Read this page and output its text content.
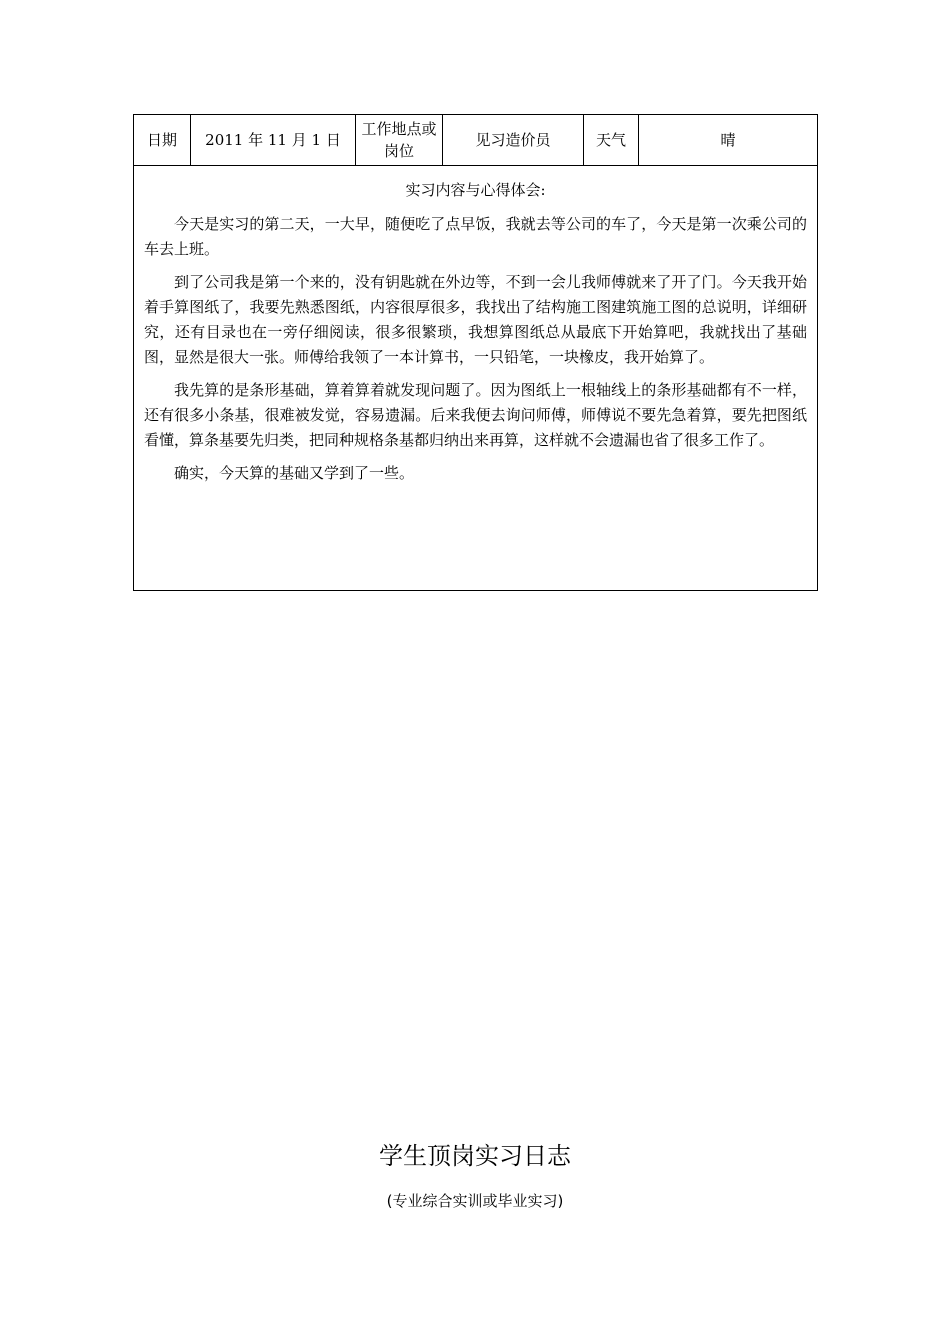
日期	2011 年 11 月 1 日	工作地点或岗位	见习造价员	天气	晴

实习内容与心得体会:

今天是实习的第二天，一大早，随便吃了点早饭，我就去等公司的车了，今天是第一次乘公司的车去上班。

到了公司我是第一个来的，没有钥匙就在外边等，不到一会儿我师傅就来了开了门。今天我开始着手算图纸了，我要先熟悉图纸，内容很厚很多，我找出了结构施工图建筑施工图的总说明，详细研究，还有目录也在一旁仔细阅读，很多很繁琐，我想算图纸总从最底下开始算吧，我就找出了基础图，显然是很大一张。师傅给我领了一本计算书，一只铅笔，一块橡皮，我开始算了。

我先算的是条形基础，算着算着就发现问题了。因为图纸上一根轴线上的条形基础都有不一样，还有很多小条基，很难被发觉，容易遗漏。后来我便去询问师傅，师傅说不要先急着算，要先把图纸看懂，算条基要先归类，把同种规格条基都归纳出来再算，这样就不会遗漏也省了很多工作了。

确实，今天算的基础又学到了一些。

学生顶岗实习日志
(专业综合实训或毕业实习)
